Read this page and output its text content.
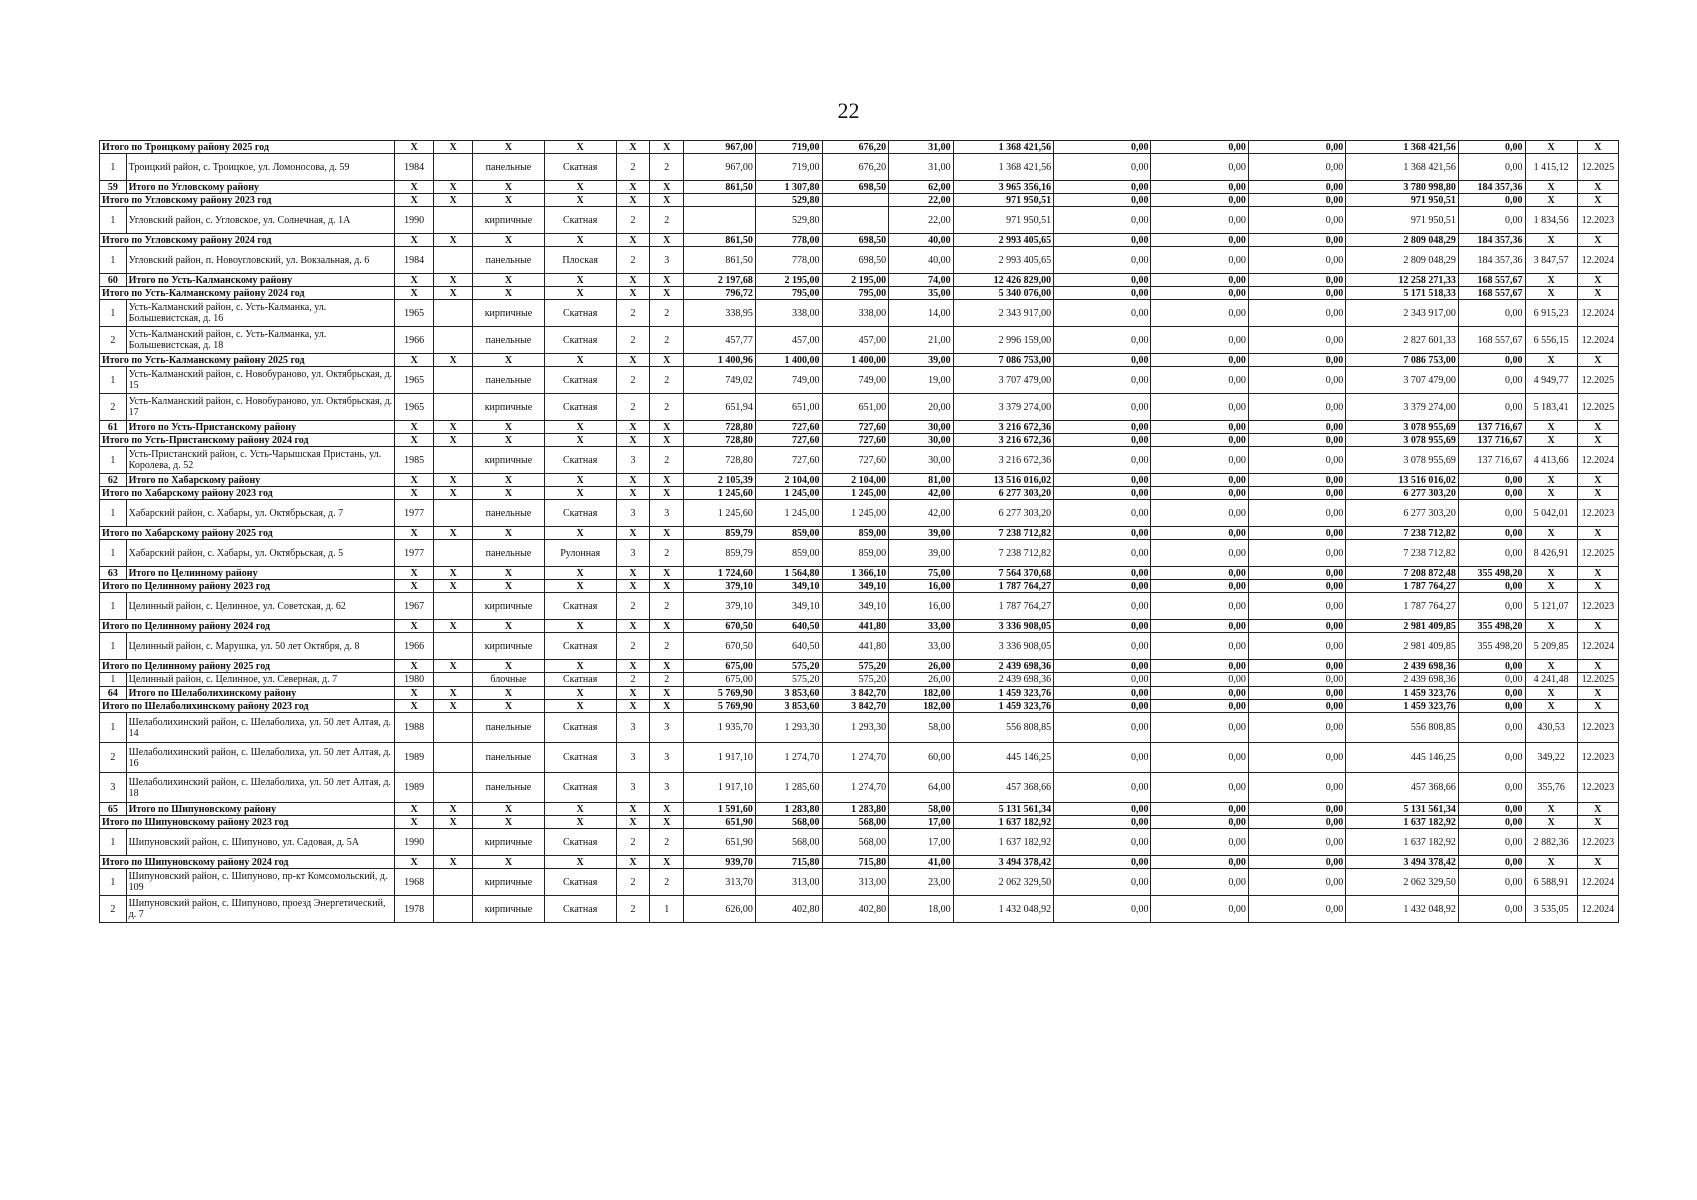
22
Итого по Троицкому району 2025 год		Х	Х	Х	Х	Х	Х	967,00	719,00	676,20	31,00	1 368 421,56	0,00	0,00	0,00	1 368 421,56	0,00	Х	Х
1	Троицкий район, с. Троицкое, ул. Ломоносова, д. 59	1984		панельные	Скатная	2	2	967,00	719,00	676,20	31,00	1 368 421,56	0,00	0,00	0,00	1 368 421,56	0,00	1 415,12	12.2025
59	Итого по Угловскому району	Х	Х	Х	Х	Х	Х	861,50	1 307,80	698,50	62,00	3 965 356,16	0,00	0,00	0,00	3 780 998,80	184 357,36	Х	Х
Итого по Угловскому району 2023 год		Х	Х	Х	Х	Х	Х		529,80		22,00	971 950,51	0,00	0,00	0,00	971 950,51	0,00	Х	Х
1	Угловский район, с. Угловское, ул. Солнечная, д. 1А	1990		кирпичные	Скатная	2	2		529,80		22,00	971 950,51	0,00	0,00	0,00	971 950,51	0,00	1 834,56	12.2023
Итого по Угловскому району 2024 год		Х	Х	Х	Х	Х	Х	861,50	778,00	698,50	40,00	2 993 405,65	0,00	0,00	0,00	2 809 048,29	184 357,36	Х	Х
1	Угловский район, п. Новоугловский, ул. Вокзальная, д. 6	1984		панельные	Плоская	2	3	861,50	778,00	698,50	40,00	2 993 405,65	0,00	0,00	0,00	2 809 048,29	184 357,36	3 847,57	12.2024
60	Итого по Усть-Калманскому району	Х	Х	Х	Х	Х	Х	2 197,68	2 195,00	2 195,00	74,00	12 426 829,00	0,00	0,00	0,00	12 258 271,33	168 557,67	Х	Х
Итого по Усть-Калманскому району 2024 год		Х	Х	Х	Х	Х	Х	796,72	795,00	795,00	35,00	5 340 076,00	0,00	0,00	0,00	5 171 518,33	168 557,67	Х	Х
1	Усть-Калманский район, с. Усть-Калманка, ул. Большевистская, д. 16	1965		кирпичные	Скатная	2	2	338,95	338,00	338,00	14,00	2 343 917,00	0,00	0,00	0,00	2 343 917,00	0,00	6 915,23	12.2024
2	Усть-Калманский район, с. Усть-Калманка, ул. Большевистская, д. 18	1966		панельные	Скатная	2	2	457,77	457,00	457,00	21,00	2 996 159,00	0,00	0,00	0,00	2 827 601,33	168 557,67	6 556,15	12.2024
Итого по Усть-Калманскому району 2025 год		Х	Х	Х	Х	Х	Х	1 400,96	1 400,00	1 400,00	39,00	7 086 753,00	0,00	0,00	0,00	7 086 753,00	0,00	Х	Х
1	Усть-Калманский район, с. Новобураново, ул. Октябрьская, д. 15	1965		панельные	Скатная	2	2	749,02	749,00	749,00	19,00	3 707 479,00	0,00	0,00	0,00	3 707 479,00	0,00	4 949,77	12.2025
2	Усть-Калманский район, с. Новобураново, ул. Октябрьская, д. 17	1965		кирпичные	Скатная	2	2	651,94	651,00	651,00	20,00	3 379 274,00	0,00	0,00	0,00	3 379 274,00	0,00	5 183,41	12.2025
61	Итого по Усть-Пристанскому району	Х	Х	Х	Х	Х	Х	728,80	727,60	727,60	30,00	3 216 672,36	0,00	0,00	0,00	3 078 955,69	137 716,67	Х	Х
Итого по Усть-Пристанскому району 2024 год		Х	Х	Х	Х	Х	Х	728,80	727,60	727,60	30,00	3 216 672,36	0,00	0,00	0,00	3 078 955,69	137 716,67	Х	Х
1	Усть-Пристанский район, с. Усть-Чарышская Пристань, ул. Королева, д. 52	1985		кирпичные	Скатная	3	2	728,80	727,60	727,60	30,00	3 216 672,36	0,00	0,00	0,00	3 078 955,69	137 716,67	4 413,66	12.2024
62	Итого по Хабарскому району	Х	Х	Х	Х	Х	Х	2 105,39	2 104,00	2 104,00	81,00	13 516 016,02	0,00	0,00	0,00	13 516 016,02	0,00	Х	Х
Итого по Хабарскому району 2023 год		Х	Х	Х	Х	Х	Х	1 245,60	1 245,00	1 245,00	42,00	6 277 303,20	0,00	0,00	0,00	6 277 303,20	0,00	Х	Х
1	Хабарский район, с. Хабары, ул. Октябрьская, д. 7	1977		панельные	Скатная	3	3	1 245,60	1 245,00	1 245,00	42,00	6 277 303,20	0,00	0,00	0,00	6 277 303,20	0,00	5 042,01	12.2023
Итого по Хабарскому району 2025 год		Х	Х	Х	Х	Х	Х	859,79	859,00	859,00	39,00	7 238 712,82	0,00	0,00	0,00	7 238 712,82	0,00	Х	Х
1	Хабарский район, с. Хабары, ул. Октябрьская, д. 5	1977		панельные	Рулонная	3	2	859,79	859,00	859,00	39,00	7 238 712,82	0,00	0,00	0,00	7 238 712,82	0,00	8 426,91	12.2025
63	Итого по Целинному району	Х	Х	Х	Х	Х	Х	1 724,60	1 564,80	1 366,10	75,00	7 564 370,68	0,00	0,00	0,00	7 208 872,48	355 498,20	Х	Х
Итого по Целинному району 2023 год		Х	Х	Х	Х	Х	Х	379,10	349,10	349,10	16,00	1 787 764,27	0,00	0,00	0,00	1 787 764,27	0,00	Х	Х
1	Целинный район, с. Целинное, ул. Советская, д. 62	1967		кирпичные	Скатная	2	2	379,10	349,10	349,10	16,00	1 787 764,27	0,00	0,00	0,00	1 787 764,27	0,00	5 121,07	12.2023
Итого по Целинному району 2024 год		Х	Х	Х	Х	Х	Х	670,50	640,50	441,80	33,00	3 336 908,05	0,00	0,00	0,00	2 981 409,85	355 498,20	Х	Х
1	Целинный район, с. Марушка, ул. 50 лет Октября, д. 8	1966		кирпичные	Скатная	2	2	670,50	640,50	441,80	33,00	3 336 908,05	0,00	0,00	0,00	2 981 409,85	355 498,20	5 209,85	12.2024
Итого по Целинному району 2025 год		Х	Х	Х	Х	Х	Х	675,00	575,20	575,20	26,00	2 439 698,36	0,00	0,00	0,00	2 439 698,36	0,00	Х	Х
1	Целинный район, с. Целинное, ул. Северная, д. 7	1980		блочные	Скатная	2	2	675,00	575,20	575,20	26,00	2 439 698,36	0,00	0,00	0,00	2 439 698,36	0,00	4 241,48	12.2025
64	Итого по Шелаболихинскому району	Х	Х	Х	Х	Х	Х	5 769,90	3 853,60	3 842,70	182,00	1 459 323,76	0,00	0,00	0,00	1 459 323,76	0,00	Х	Х
Итого по Шелаболихинскому району 2023 год		Х	Х	Х	Х	Х	Х	5 769,90	3 853,60	3 842,70	182,00	1 459 323,76	0,00	0,00	0,00	1 459 323,76	0,00	Х	Х
1	Шелаболихинский район, с. Шелаболиха, ул. 50 лет Алтая, д. 14	1988		панельные	Скатная	3	3	1 935,70	1 293,30	1 293,30	58,00	556 808,85	0,00	0,00	0,00	556 808,85	0,00	430,53	12.2023
2	Шелаболихинский район, с. Шелаболиха, ул. 50 лет Алтая, д. 16	1989		панельные	Скатная	3	3	1 917,10	1 274,70	1 274,70	60,00	445 146,25	0,00	0,00	0,00	445 146,25	0,00	349,22	12.2023
3	Шелаболихинский район, с. Шелаболиха, ул. 50 лет Алтая, д. 18	1989		панельные	Скатная	3	3	1 917,10	1 285,60	1 274,70	64,00	457 368,66	0,00	0,00	0,00	457 368,66	0,00	355,76	12.2023
65	Итого по Шипуновскому району	Х	Х	Х	Х	Х	Х	1 591,60	1 283,80	1 283,80	58,00	5 131 561,34	0,00	0,00	0,00	5 131 561,34	0,00	Х	Х
Итого по Шипуновскому району 2023 год		Х	Х	Х	Х	Х	Х	651,90	568,00	568,00	17,00	1 637 182,92	0,00	0,00	0,00	1 637 182,92	0,00	Х	Х
1	Шипуновский район, с. Шипуново, ул. Садовая, д. 5А	1990		кирпичные	Скатная	2	2	651,90	568,00	568,00	17,00	1 637 182,92	0,00	0,00	0,00	1 637 182,92	0,00	2 882,36	12.2023
Итого по Шипуновскому району 2024 год		Х	Х	Х	Х	Х	Х	939,70	715,80	715,80	41,00	3 494 378,42	0,00	0,00	0,00	3 494 378,42	0,00	Х	Х
1	Шипуновский район, с. Шипуново, пр-кт Комсомольский, д. 109	1968		кирпичные	Скатная	2	2	313,70	313,00	313,00	23,00	2 062 329,50	0,00	0,00	0,00	2 062 329,50	0,00	6 588,91	12.2024
2	Шипуновский район, с. Шипуново, проезд Энергетический, д. 7	1978		кирпичные	Скатная	2	1	626,00	402,80	402,80	18,00	1 432 048,92	0,00	0,00	0,00	1 432 048,92	0,00	3 535,05	12.2024
